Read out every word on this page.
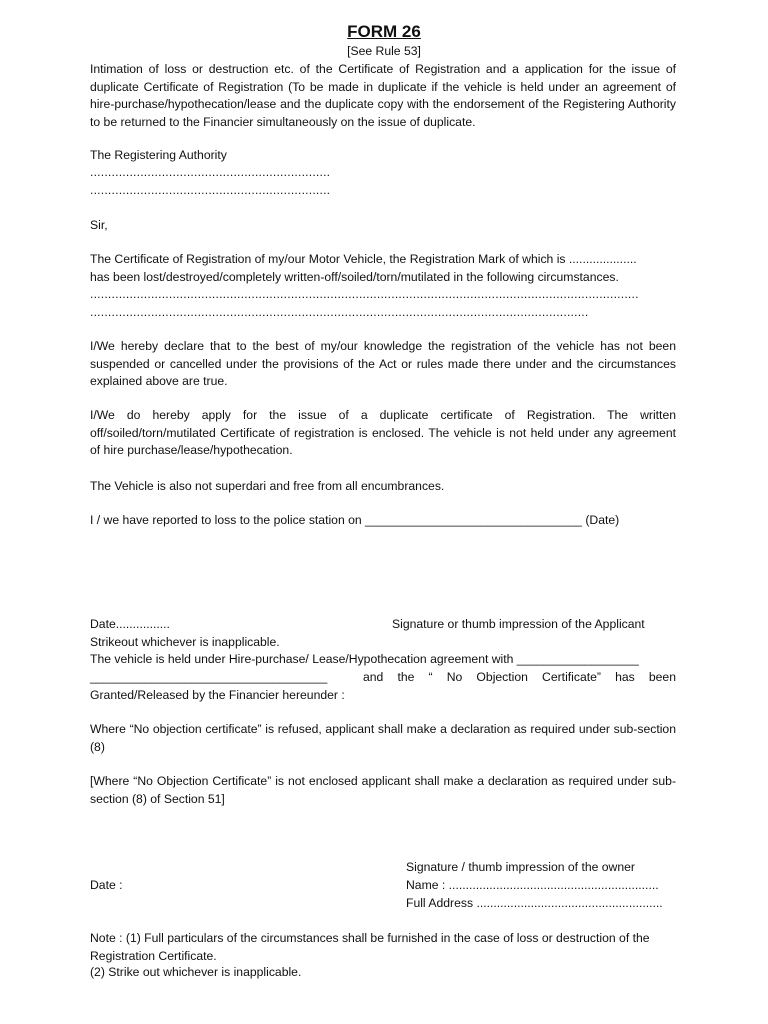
FORM 26
[See Rule 53]

Intimation of loss or destruction etc. of the Certificate of Registration and a application for the issue of duplicate Certificate of Registration (To be made in duplicate if the vehicle is held under an agreement of hire-purchase/hypothecation/lease and the duplicate copy with the endorsement of the Registering Authority to be returned to the Financier simultaneously on the issue of duplicate.

The Registering Authority

...................................................................

...................................................................

Sir,

The Certificate of Registration of my/our Motor Vehicle, the Registration Mark of which is ....................

has been lost/destroyed/completely written-off/soiled/torn/mutilated in the following circumstances.

.........................................................................................................................................................

...........................................................................................................................................

I/We hereby declare that to the best of my/our knowledge the registration of the vehicle has not been suspended or cancelled under the provisions of the Act or rules made there under and the circumstances explained above are true.

I/We do hereby apply for the issue of a duplicate certificate of Registration. The written off/soiled/torn/mutilated Certificate of registration is enclosed. The vehicle is not held under any agreement of hire purchase/lease/hypothecation.

The Vehicle is also not superdari and free from all encumbrances.

I / we have reported to loss to the police station on ________________________________ (Date)

Date................	Signature or thumb impression of the Applicant

Strikeout whichever is inapplicable.

The vehicle is held under Hire-purchase/ Lease/Hypothecation agreement with __________________

___________________________________	and the “ No Objection Certificate” has been

Granted/Released by the Financier hereunder :

Where “No objection certificate” is refused, applicant shall make a declaration as required under sub-section (8)

[Where “No Objection Certificate” is not enclosed applicant shall make a declaration as required under sub-section (8) of Section 51]

Signature / thumb impression of the owner

Date :	Name : ..............................................................

Full Address .......................................................

Note : (1) Full particulars of the circumstances shall be furnished in the case of loss or destruction of the Registration Certificate.

(2) Strike out whichever is inapplicable.
